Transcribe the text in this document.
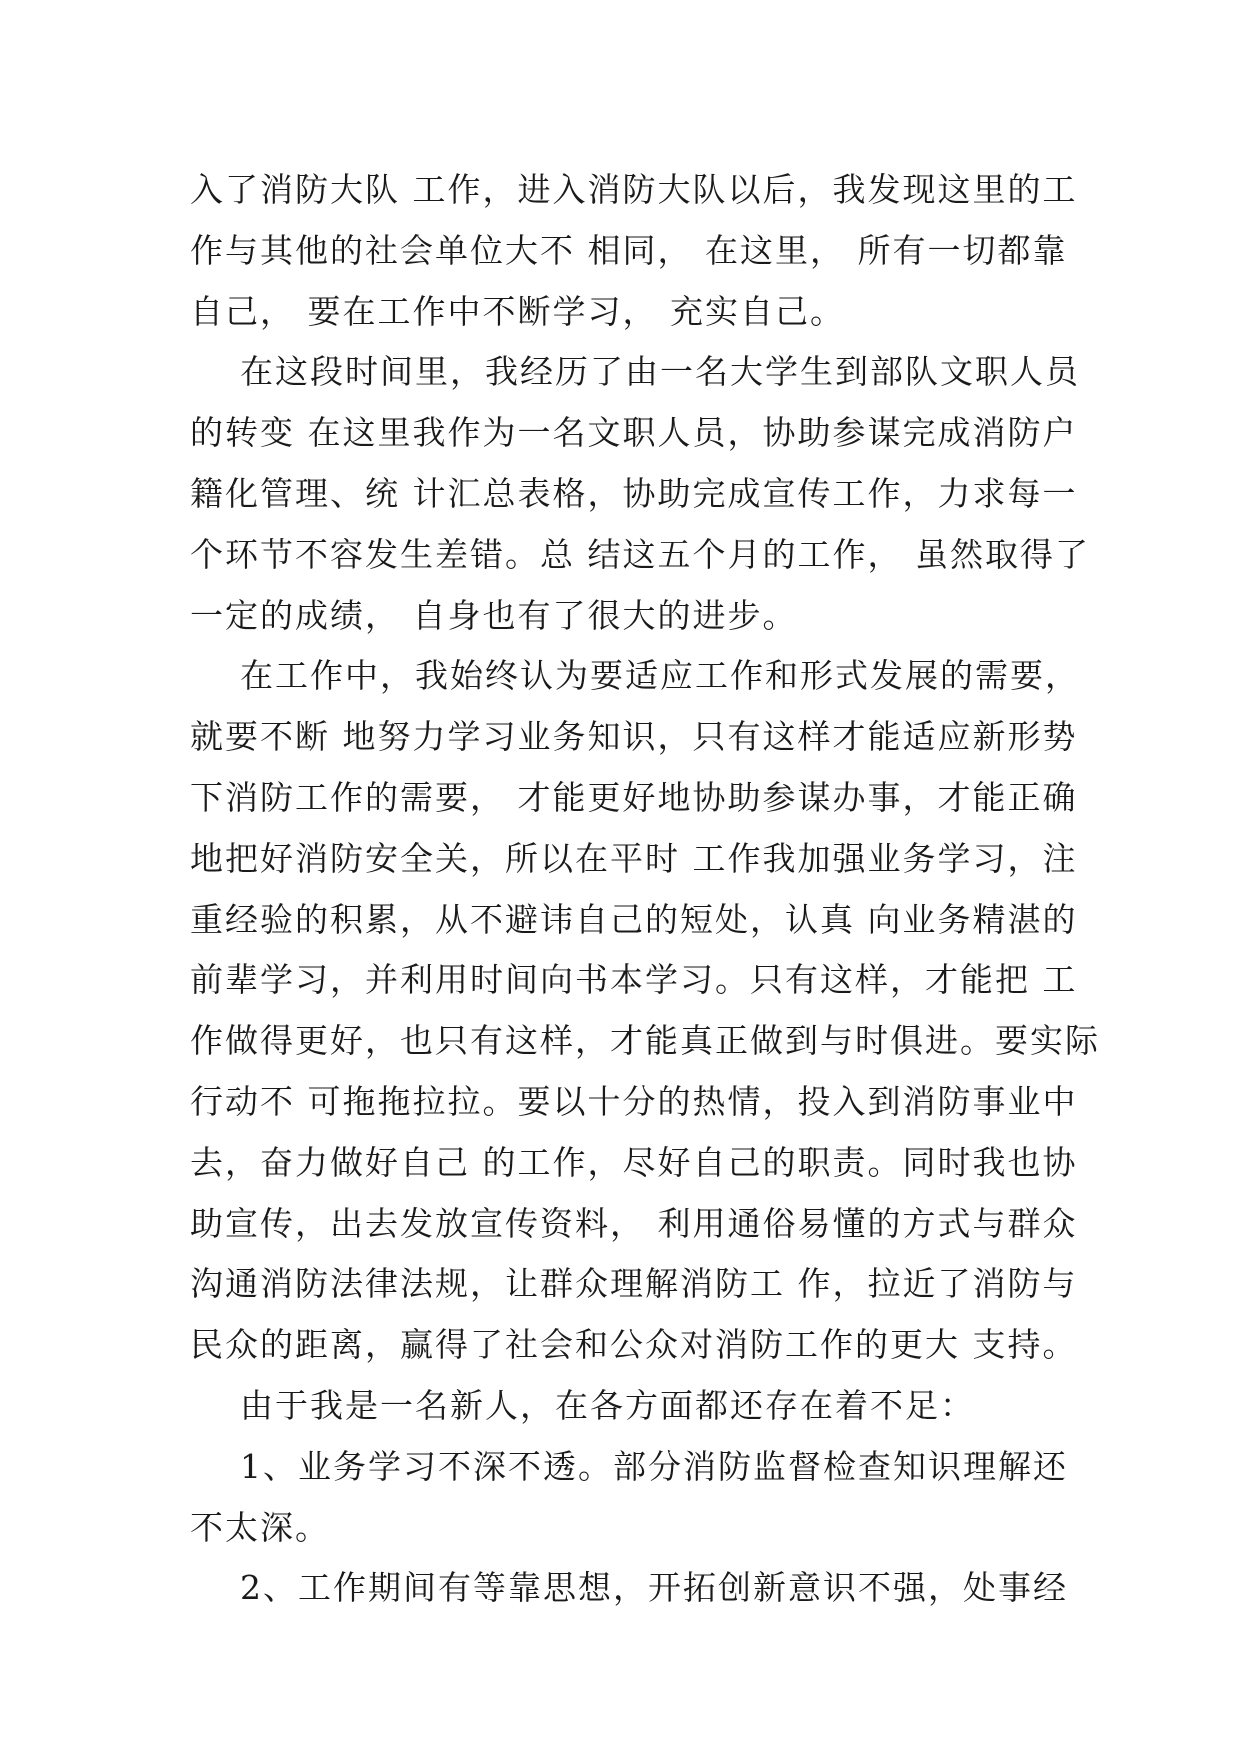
入了消防大队 工作，进入消防大队以后，我发现这里的工
作与其他的社会单位大不 相同， 在这里， 所有一切都靠
自己， 要在工作中不断学习， 充实自己。
在这段时间里，我经历了由一名大学生到部队文职人员
的转变 在这里我作为一名文职人员，协助参谋完成消防户
籍化管理、统 计汇总表格，协助完成宣传工作，力求每一
个环节不容发生差错。总 结这五个月的工作， 虽然取得了
一定的成绩， 自身也有了很大的进步。
在工作中，我始终认为要适应工作和形式发展的需要，
就要不断 地努力学习业务知识，只有这样才能适应新形势
下消防工作的需要， 才能更好地协助参谋办事，才能正确
地把好消防安全关，所以在平时 工作我加强业务学习，注
重经验的积累，从不避讳自己的短处，认真 向业务精湛的
前辈学习，并利用时间向书本学习。只有这样，才能把 工
作做得更好，也只有这样，才能真正做到与时俱进。要实际
行动不 可拖拖拉拉。要以十分的热情，投入到消防事业中
去，奋力做好自己 的工作，尽好自己的职责。同时我也协
助宣传，出去发放宣传资料， 利用通俗易懂的方式与群众
沟通消防法律法规，让群众理解消防工 作，拉近了消防与
民众的距离，赢得了社会和公众对消防工作的更大 支持。
由于我是一名新人，在各方面都还存在着不足：
1、业务学习不深不透。部分消防监督检查知识理解还
不太深。
2、工作期间有等靠思想，开拓创新意识不强，处事经
